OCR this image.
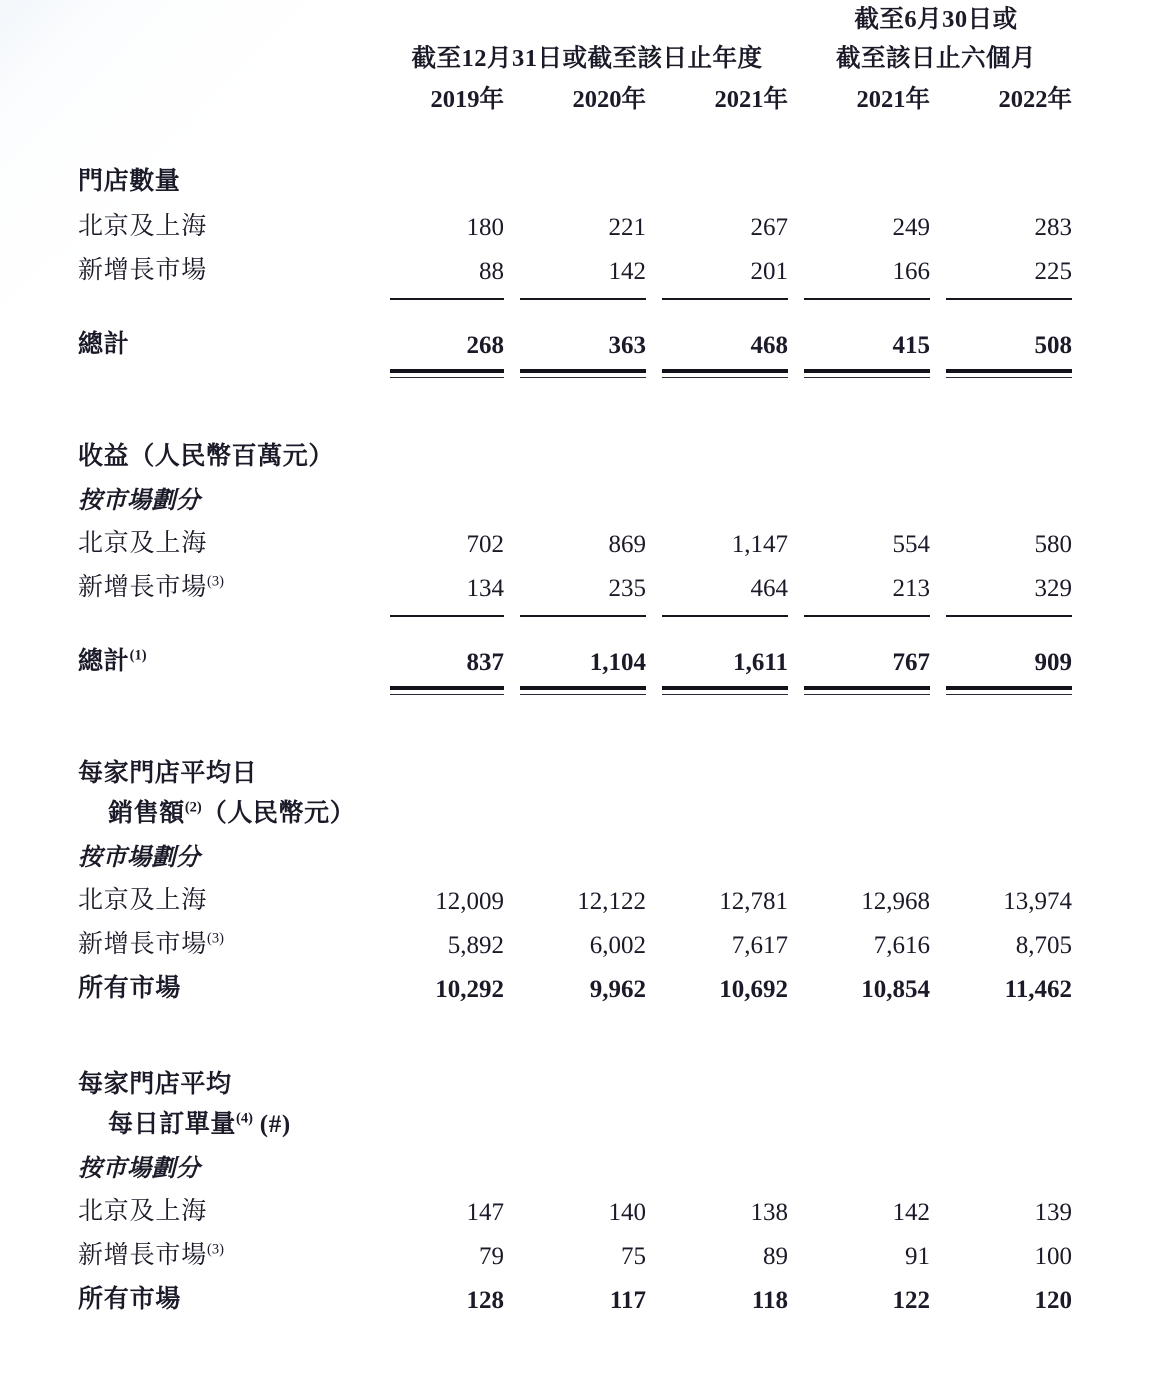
				截至6月30日或		
	截至12月31日或截至該日止年度			截至該日止六個月		
	2019年	2020年	2021年	2021年	2022年	

門店數量						
北京及上海	180	221	267	249	283	
新增長市場	88	142	201	166	225	

總計	268	363	468	415	508	

收益（人民幣百萬元）						
按市場劃分						
北京及上海	702	869	1,147	554	580	
新增長市場$^{(3)}$	134	235	464	213	329	

總計$^{(1)}$	837	1,104	1,611	767	909	

每家門店平均日						
銷售額$^{(2)}$（人民幣元）						
按市場劃分						
北京及上海	12,009	12,122	12,781	12,968	13,974	
新增長市場$^{(3)}$	5,892	6,002	7,617	7,616	8,705	
所有市場	10,292	9,962	10,692	10,854	11,462	

每家門店平均						
每日訂單量$^{(4)}$ (#)						
按市場劃分						
北京及上海	147	140	138	142	139	
新增長市場$^{(3)}$	79	75	89	91	100	
所有市場	128	117	118	122	120	
